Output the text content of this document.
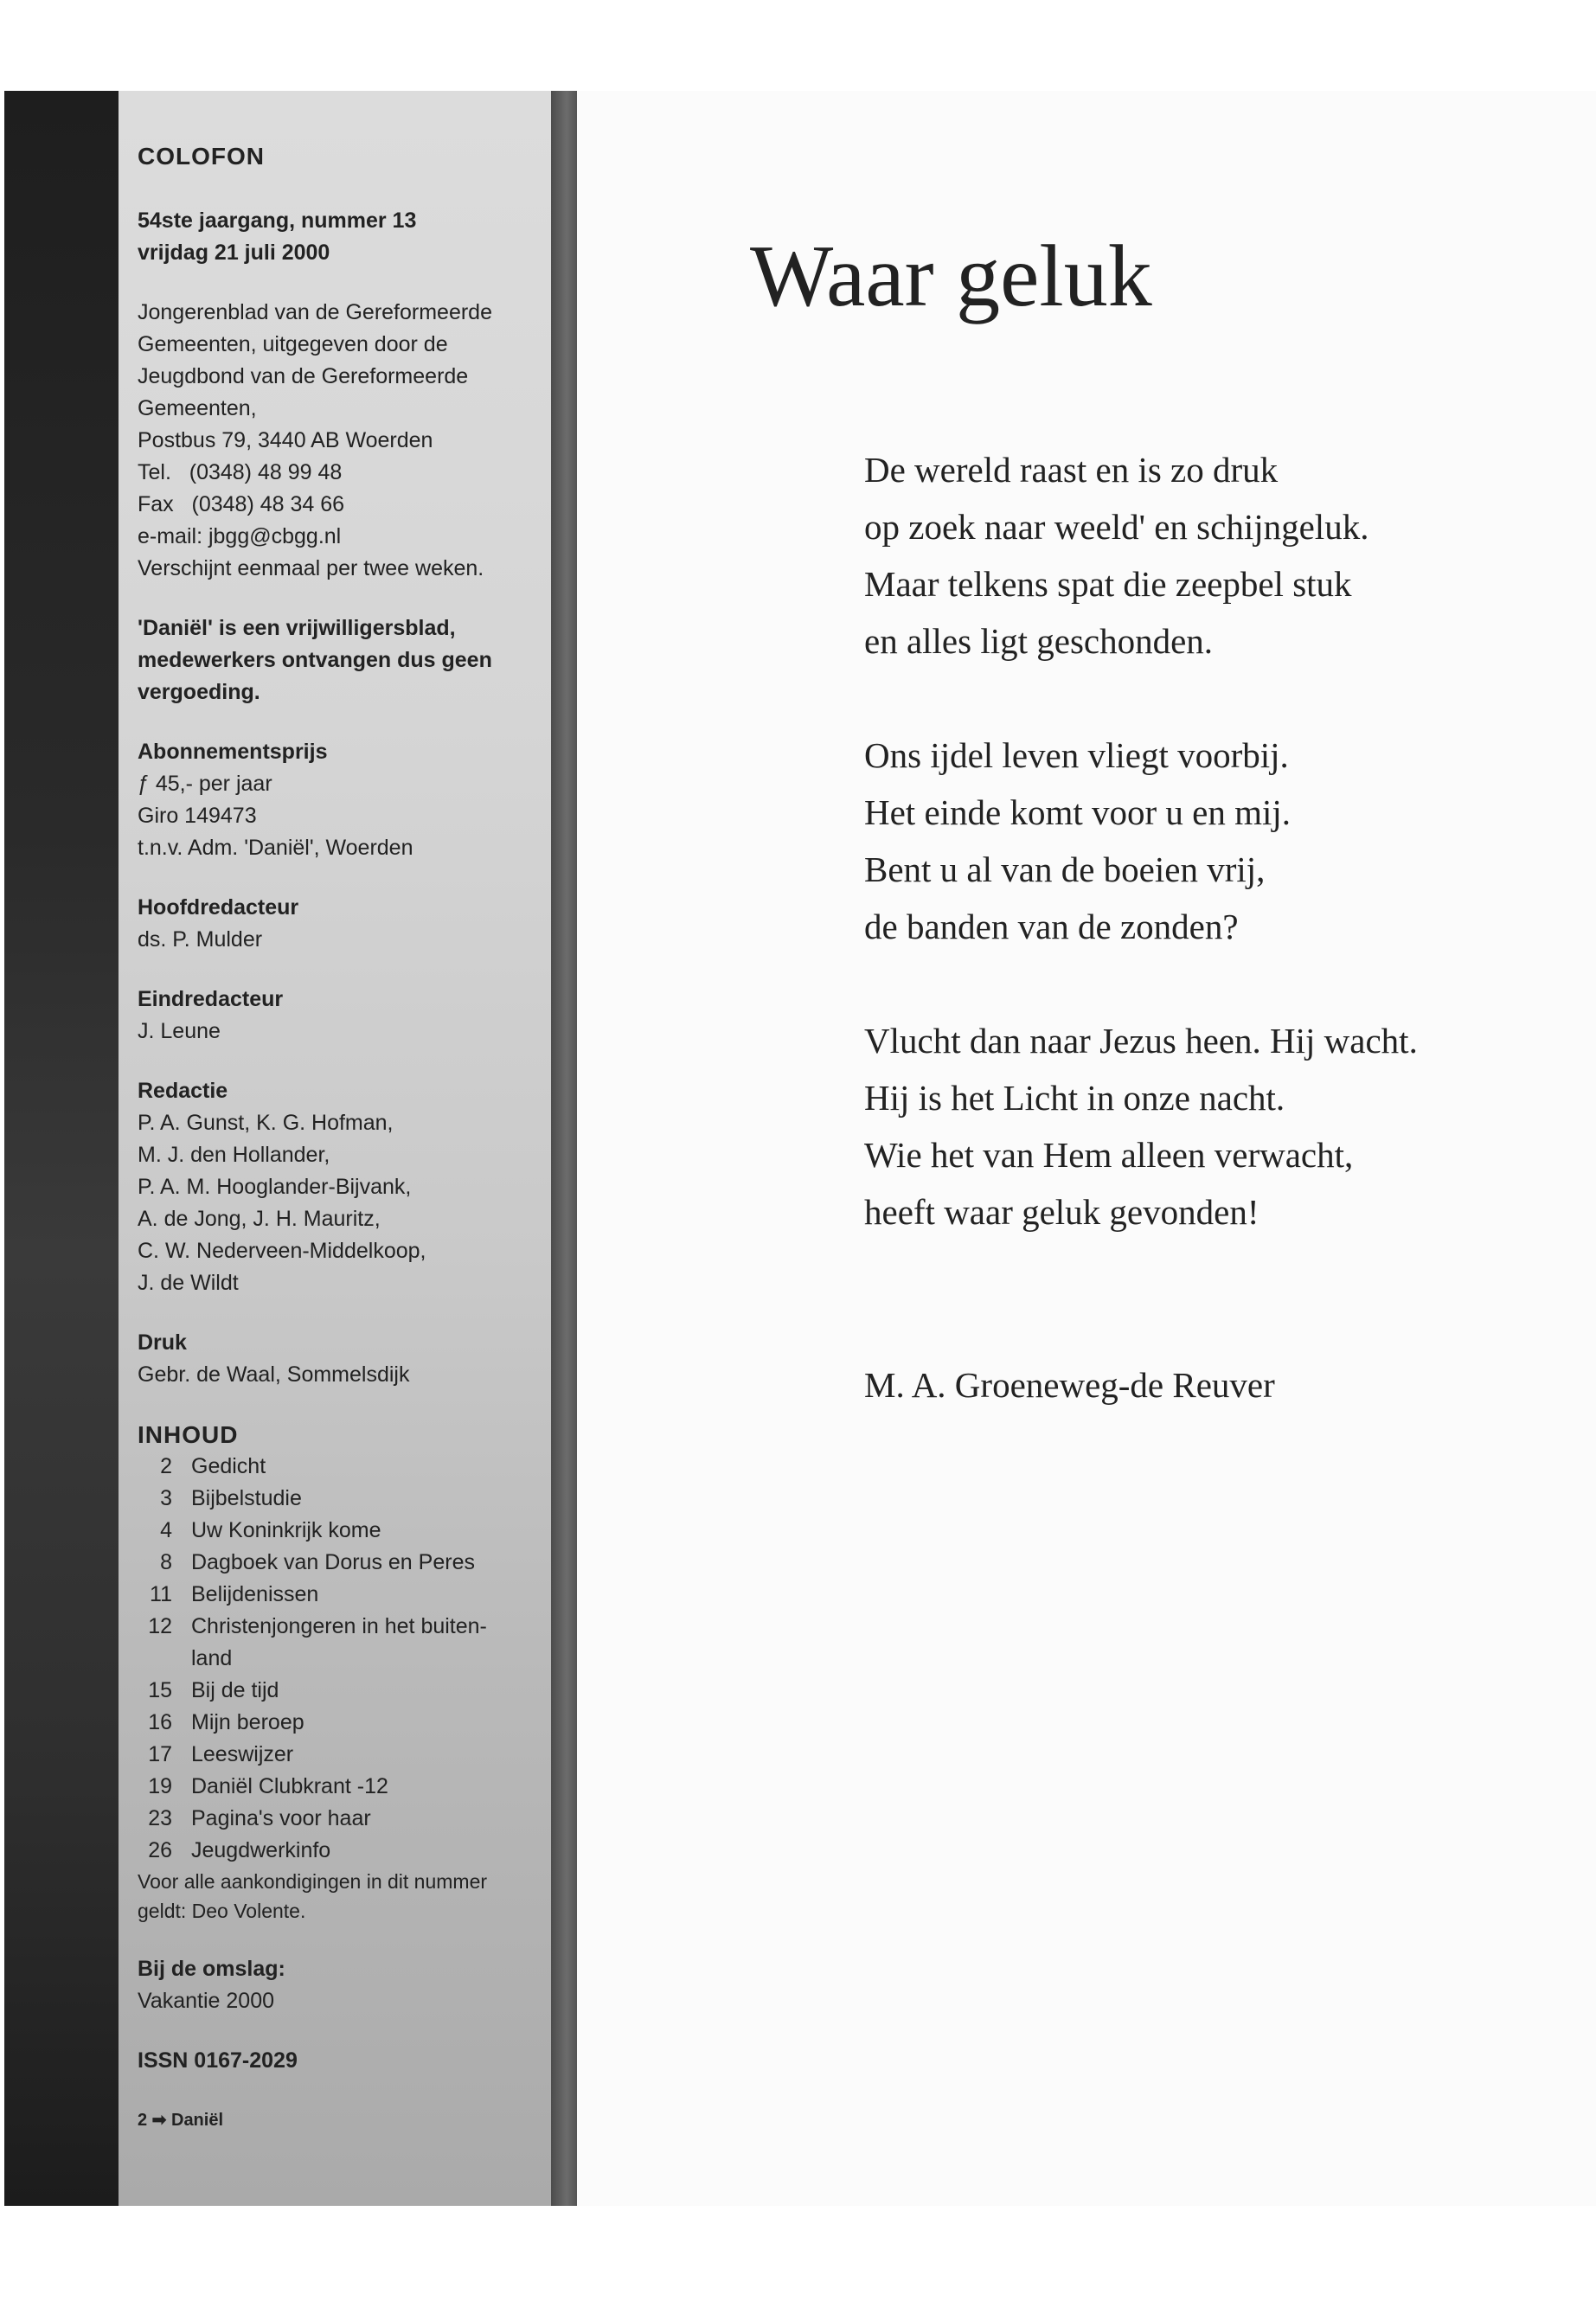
COLOFON
54ste jaargang, nummer 13
vrijdag 21 juli 2000
Jongerenblad van de Gereformeerde
Gemeenten, uitgegeven door de
Jeugdbond van de Gereformeerde
Gemeenten,
Postbus 79, 3440 AB Woerden
Tel.   (0348) 48 99 48
Fax   (0348) 48 34 66
e-mail: jbgg@cbgg.nl
Verschijnt eenmaal per twee weken.
'Daniël' is een vrijwilligersblad,
medewerkers ontvangen dus geen
vergoeding.
Abonnementsprijs
ƒ 45,- per jaar
Giro 149473
t.n.v. Adm. 'Daniël', Woerden
Hoofdredacteur
ds. P. Mulder
Eindredacteur
J. Leune
Redactie
P. A. Gunst, K. G. Hofman,
M. J. den Hollander,
P. A. M. Hooglander-Bijvank,
A. de Jong, J. H. Mauritz,
C. W. Nederveen-Middelkoop,
J. de Wildt
Druk
Gebr. de Waal, Sommelsdijk
INHOUD
2 Gedicht
3 Bijbelstudie
4 Uw Koninkrijk kome
8 Dagboek van Dorus en Peres
11 Belijdenissen
12 Christenjongeren in het buiten-
land
15 Bij de tijd
16 Mijn beroep
17 Leeswijzer
19 Daniël Clubkrant -12
23 Pagina's voor haar
26 Jeugdwerkinfo
Voor alle aankondigingen in dit nummer
geldt: Deo Volente.
Bij de omslag:
Vakantie 2000
ISSN 0167-2029
2 ➡ Daniël
Waar geluk
De wereld raast en is zo druk
op zoek naar weeld' en schijngeluk.
Maar telkens spat die zeepbel stuk
en alles ligt geschonden.
Ons ijdel leven vliegt voorbij.
Het einde komt voor u en mij.
Bent u al van de boeien vrij,
de banden van de zonden?
Vlucht dan naar Jezus heen. Hij wacht.
Hij is het Licht in onze nacht.
Wie het van Hem alleen verwacht,
heeft waar geluk gevonden!
M. A. Groeneweg-de Reuver
